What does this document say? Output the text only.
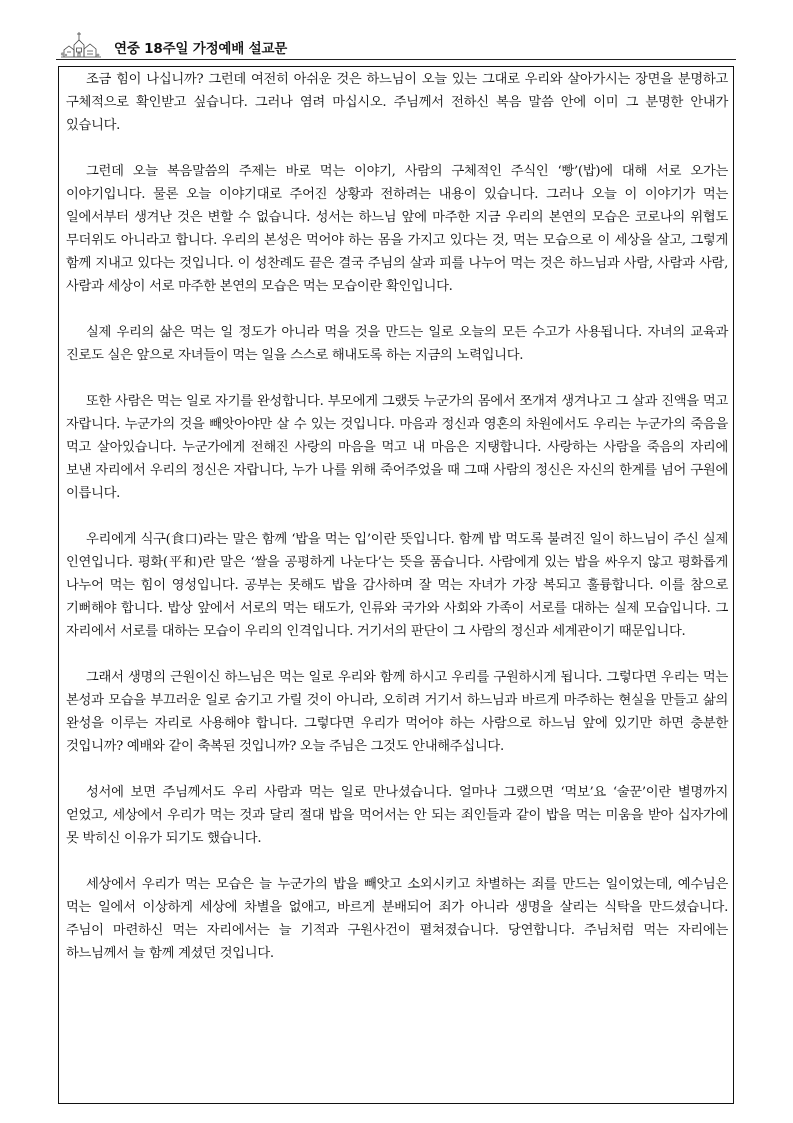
연중 18주일 가정예배 설교문

조금 힘이 나십니까? 그런데 여전히 아쉬운 것은 하느님이 오늘 있는 그대로 우리와 살아가시는 장면을 분명하고 구체적으로 확인받고 싶습니다. 그러나 염려 마십시오. 주님께서 전하신 복음 말씀 안에 이미 그 분명한 안내가 있습니다.

그런데 오늘 복음말씀의 주제는 바로 먹는 이야기, 사람의 구체적인 주식인 ‘빵’(밥)에 대해 서로 오가는 이야기입니다. 물론 오늘 이야기대로 주어진 상황과 전하려는 내용이 있습니다. 그러나 오늘 이 이야기가 먹는 일에서부터 생겨난 것은 변할 수 없습니다. 성서는 하느님 앞에 마주한 지금 우리의 본연의 모습은 코로나의 위협도 무더위도 아니라고 합니다. 우리의 본성은 먹어야 하는 몸을 가지고 있다는 것, 먹는 모습으로 이 세상을 살고, 그렇게 함께 지내고 있다는 것입니다. 이 성찬례도 끝은 결국 주님의 살과 피를 나누어 먹는 것은 하느님과 사람, 사람과 사람, 사람과 세상이 서로 마주한 본연의 모습은 먹는 모습이란 확인입니다.

실제 우리의 삶은 먹는 일 정도가 아니라 먹을 것을 만드는 일로 오늘의 모든 수고가 사용됩니다. 자녀의 교육과 진로도 실은 앞으로 자녀들이 먹는 일을 스스로 해내도록 하는 지금의 노력입니다.

또한 사람은 먹는 일로 자기를 완성합니다. 부모에게 그랬듯 누군가의 몸에서 쪼개져 생겨나고 그 살과 진액을 먹고 자랍니다. 누군가의 것을 빼앗아야만 살 수 있는 것입니다. 마음과 정신과 영혼의 차원에서도 우리는 누군가의 죽음을 먹고 살아있습니다. 누군가에게 전해진 사랑의 마음을 먹고 내 마음은 지탱합니다. 사랑하는 사람을 죽음의 자리에 보낸 자리에서 우리의 정신은 자랍니다, 누가 나를 위해 죽어주었을 때 그때 사람의 정신은 자신의 한계를 넘어 구원에 이릅니다.

우리에게 식구(食口)라는 말은 함께 ‘밥을 먹는 입’이란 뜻입니다. 함께 밥 먹도록 불려진 일이 하느님이 주신 실제 인연입니다. 평화(平和)란 말은 ‘쌀을 공평하게 나눈다’는 뜻을 품습니다. 사람에게 있는 밥을 싸우지 않고 평화롭게 나누어 먹는 힘이 영성입니다. 공부는 못해도 밥을 감사하며 잘 먹는 자녀가 가장 복되고 훌륭합니다. 이를 참으로 기뻐해야 합니다. 밥상 앞에서 서로의 먹는 태도가, 인류와 국가와 사회와 가족이 서로를 대하는 실제 모습입니다. 그 자리에서 서로를 대하는 모습이 우리의 인격입니다. 거기서의 판단이 그 사람의 정신과 세계관이기 때문입니다.

그래서 생명의 근원이신 하느님은 먹는 일로 우리와 함께 하시고 우리를 구원하시게 됩니다. 그렇다면 우리는 먹는 본성과 모습을 부끄러운 일로 숨기고 가릴 것이 아니라, 오히려 거기서 하느님과 바르게 마주하는 현실을 만들고 삶의 완성을 이루는 자리로 사용해야 합니다. 그렇다면 우리가 먹어야 하는 사람으로 하느님 앞에 있기만 하면 충분한 것입니까? 예배와 같이 축복된 것입니까? 오늘 주님은 그것도 안내해주십니다.

성서에 보면 주님께서도 우리 사람과 먹는 일로 만나셨습니다. 얼마나 그랬으면 ‘먹보’요 ‘술꾼’이란 별명까지 얻었고, 세상에서 우리가 먹는 것과 달리 절대 밥을 먹어서는 안 되는 죄인들과 같이 밥을 먹는 미움을 받아 십자가에 못 박히신 이유가 되기도 했습니다.

세상에서 우리가 먹는 모습은 늘 누군가의 밥을 빼앗고 소외시키고 차별하는 죄를 만드는 일이었는데, 예수님은 먹는 일에서 이상하게 세상에 차별을 없애고, 바르게 분배되어 죄가 아니라 생명을 살리는 식탁을 만드셨습니다. 주님이 마련하신 먹는 자리에서는 늘 기적과 구원사건이 펼쳐졌습니다. 당연합니다. 주님처럼 먹는 자리에는 하느님께서 늘 함께 계셨던 것입니다.
